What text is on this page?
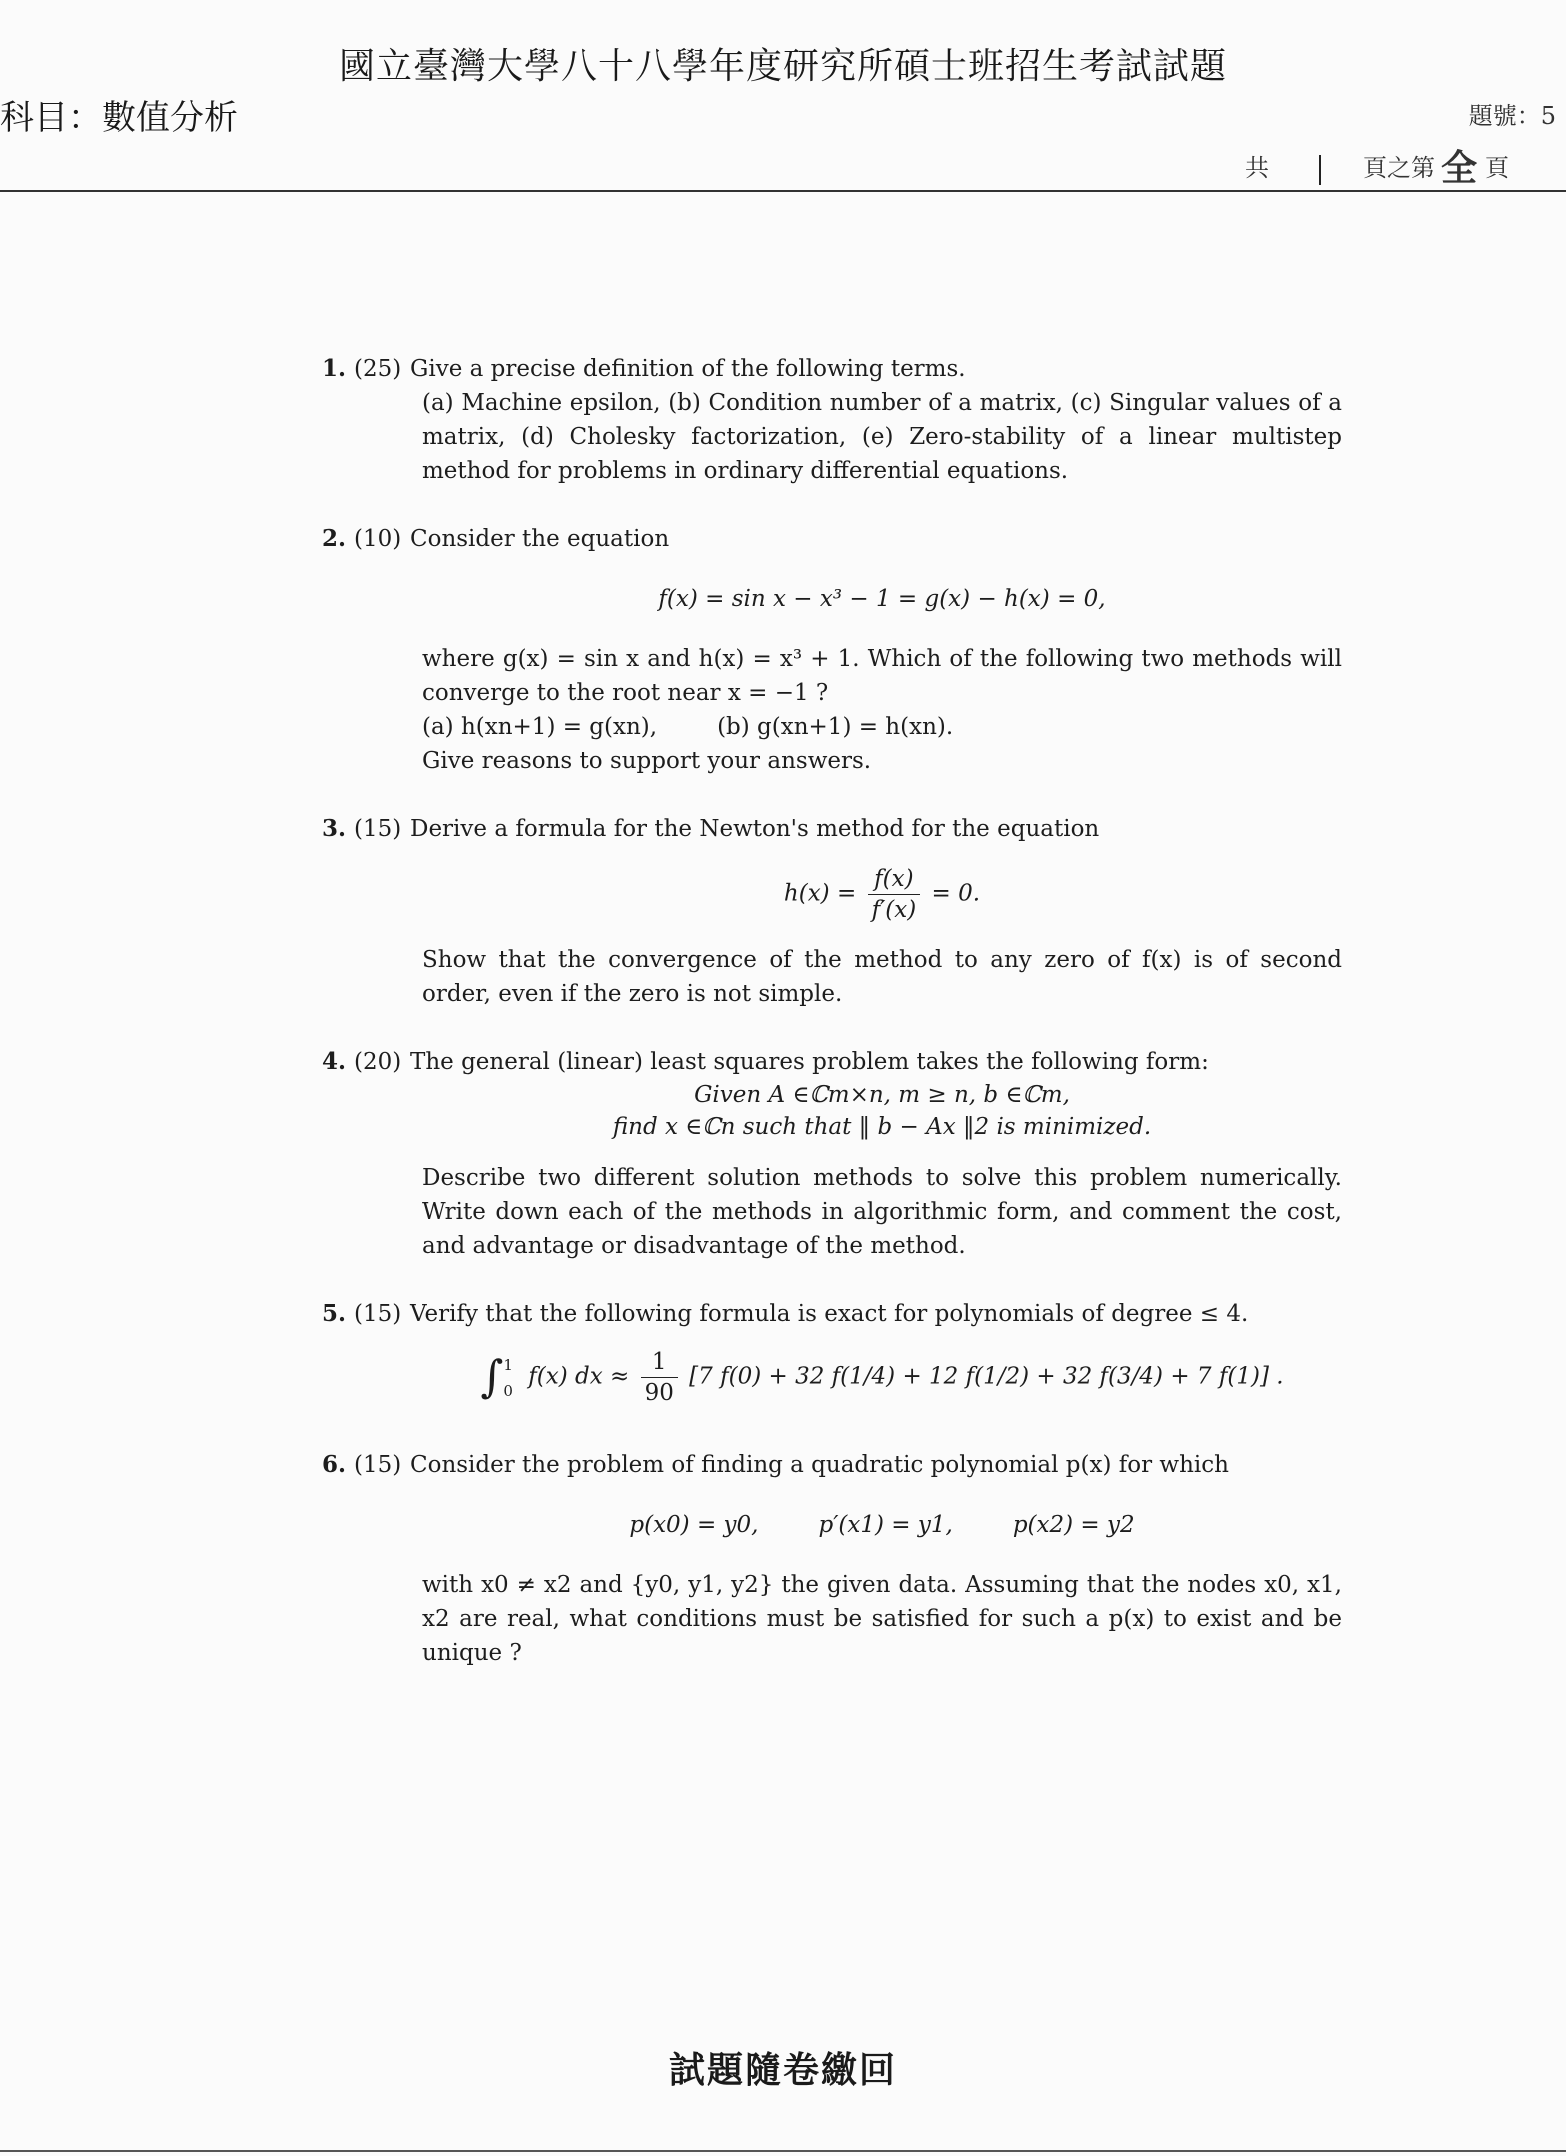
國立臺灣大學八十八學年度研究所碩士班招生考試試題
科目：數值分析	題號：5
共	頁之第 全 頁
1. (25) Give a precise definition of the following terms.
(a) Machine epsilon, (b) Condition number of a matrix, (c) Singular values of a matrix, (d) Cholesky factorization, (e) Zero-stability of a linear multistep method for problems in ordinary differential equations.
2. (10) Consider the equation
f(x) = sin x − x³ − 1 = g(x) − h(x) = 0,
where g(x) = sin x and h(x) = x³ + 1. Which of the following two methods will converge to the root near x = −1 ?
(a) h(xn+1) = g(xn),	(b) g(xn+1) = h(xn).
Give reasons to support your answers.
3. (15) Derive a formula for the Newton's method for the equation
$h(x) = \frac{f(x)}{f'(x)} = 0$.
Show that the convergence of the method to any zero of f(x) is of second order, even if the zero is not simple.
4. (20) The general (linear) least squares problem takes the following form:
Given A ∈ℂm×n, m ≥ n, b ∈ℂm,
find x ∈ℂn such that ‖ b − Ax ‖2 is minimized.
Describe two different solution methods to solve this problem numerically. Write down each of the methods in algorithmic form, and comment the cost, and advantage or disadvantage of the method.
5. (15) Verify that the following formula is exact for polynomials of degree ≤ 4.
∫ 1
0
f(x) dx ≈ $\frac{1}{90} [7$ f(0) + 32 f(1/4) + 12 f(1/2) + 32 f(3/4) + 7 f(1)] .
6. (15) Consider the problem of finding a quadratic polynomial p(x) for which
p(x0) = y0,	p′(x1) = y1,	p(x2) = y2
with x0 ≠ x2 and {y0, y1, y2} the given data. Assuming that the nodes x0, x1, x2 are real, what conditions must be satisfied for such a p(x) to exist and be unique ?
試題隨卷繳回
